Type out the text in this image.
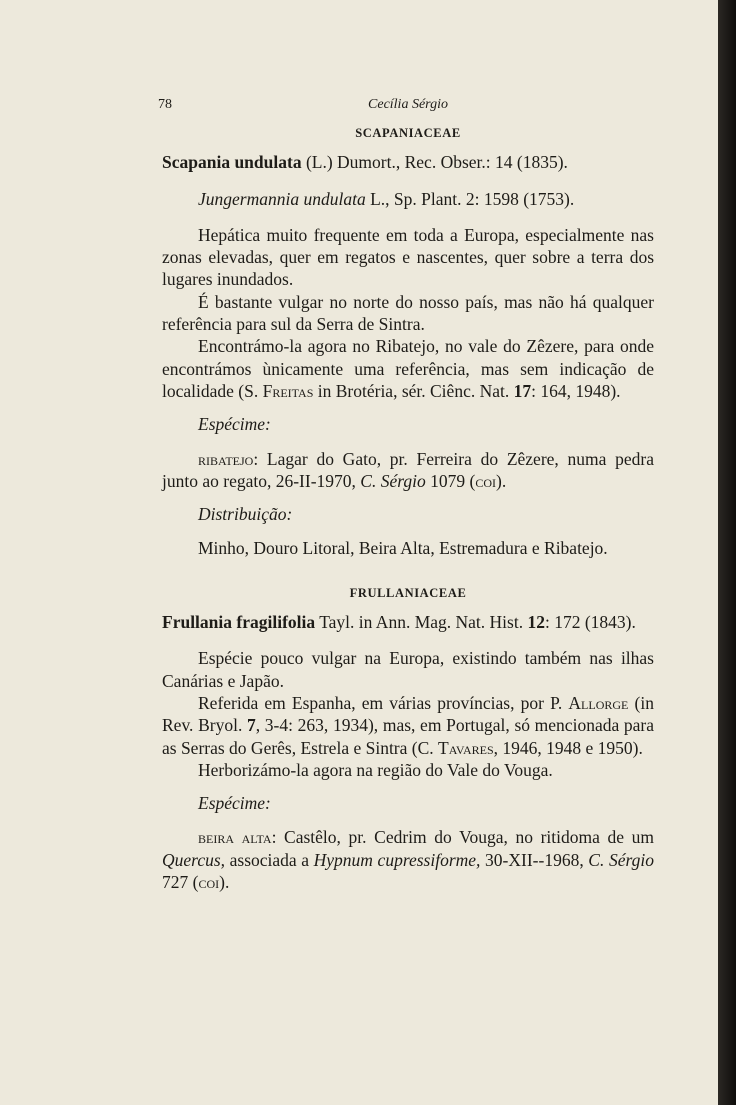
78	Cecília Sérgio
SCAPANIACEAE

Scapania undulata (L.) Dumort., Rec. Obser.: 14 (1835).

Jungermannia undulata L., Sp. Plant. 2: 1598 (1753).

Hepática muito frequente em toda a Europa, especialmente nas zonas elevadas, quer em regatos e nascentes, quer sobre a terra dos lugares inundados.

É bastante vulgar no norte do nosso país, mas não há qualquer referência para sul da Serra de Sintra.

Encontrámo-la agora no Ribatejo, no vale do Zêzere, para onde encontrámos ùnicamente uma referência, mas sem indicação de localidade (S. Freitas in Brotéria, sér. Ciênc. Nat. 17: 164, 1948).

Espécime:

ribatejo: Lagar do Gato, pr. Ferreira do Zêzere, numa pedra junto ao regato, 26-II-1970, C. Sérgio 1079 (coi).

Distribuição:

Minho, Douro Litoral, Beira Alta, Estremadura e Ribatejo.

FRULLANIACEAE

Frullania fragilifolia Tayl. in Ann. Mag. Nat. Hist. 12: 172 (1843).

Espécie pouco vulgar na Europa, existindo também nas ilhas Canárias e Japão.

Referida em Espanha, em várias províncias, por P. Allorge (in Rev. Bryol. 7, 3-4: 263, 1934), mas, em Portugal, só mencionada para as Serras do Gerês, Estrela e Sintra (C. Tavares, 1946, 1948 e 1950).

Herborizámo-la agora na região do Vale do Vouga.

Espécime:

beira alta: Castêlo, pr. Cedrim do Vouga, no ritidoma de um Quercus, associada a Hypnum cupressiforme, 30-XII--1968, C. Sérgio 727 (coi).
